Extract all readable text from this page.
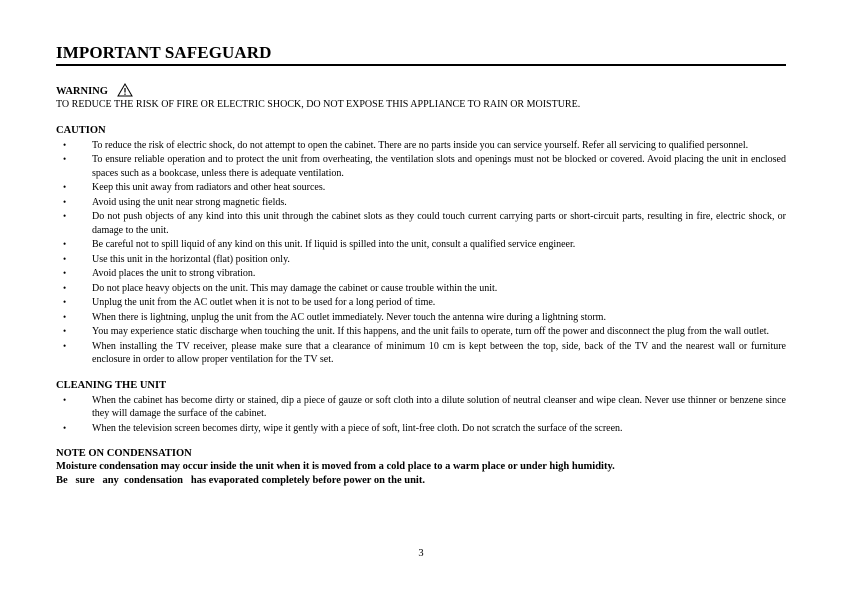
IMPORTANT SAFEGUARD
WARNING
TO REDUCE THE RISK OF FIRE OR ELECTRIC SHOCK, DO NOT EXPOSE THIS APPLIANCE TO RAIN OR MOISTURE.
CAUTION
•	To reduce the risk of electric shock, do not attempt to open the cabinet. There are no parts inside you can service yourself. Refer all servicing to qualified personnel.
•	To ensure reliable operation and to protect the unit from overheating, the ventilation slots and openings must not be blocked or covered. Avoid placing the unit in enclosed spaces such as a bookcase, unless there is adequate ventilation.
•	Keep this unit away from radiators and other heat sources.
•	Avoid using the unit near strong magnetic fields.
•	Do not push objects of any kind into this unit through the cabinet slots as they could touch current carrying parts or short-circuit parts, resulting in fire, electric shock, or damage to the unit.
•	Be careful not to spill liquid of any kind on this unit. If liquid is spilled into the unit, consult a qualified service engineer.
•	Use this unit in the horizontal (flat) position only.
•	Avoid places the unit to strong vibration.
•	Do not place heavy objects on the unit. This may damage the cabinet or cause trouble within the unit.
•	Unplug the unit from the AC outlet when it is not to be used for a long period of time.
•	When there is lightning, unplug the unit from the AC outlet immediately. Never touch the antenna wire during a lightning storm.
•	You may experience static discharge when touching the unit. If this happens, and the unit fails to operate, turn off the power and disconnect the plug from the wall outlet.
•	When installing the TV receiver, please make sure that a clearance of minimum 10 cm is kept between the top, side, back of the TV and the nearest wall or furniture enclosure in order to allow proper ventilation for the TV set.
CLEANING THE UNIT
•	When the cabinet has become dirty or stained, dip a piece of gauze or soft cloth into a dilute solution of neutral cleanser and wipe clean. Never use thinner or benzene since they will damage the surface of the cabinet.
•	When the television screen becomes dirty, wipe it gently with a piece of soft, lint-free cloth. Do not scratch the surface of the screen.
NOTE ON CONDENSATION
Moisture condensation may occur inside the unit when it is moved from a cold place to a warm place or under high humidity.
Be   sure   any  condensation   has evaporated completely before power on the unit.
3
